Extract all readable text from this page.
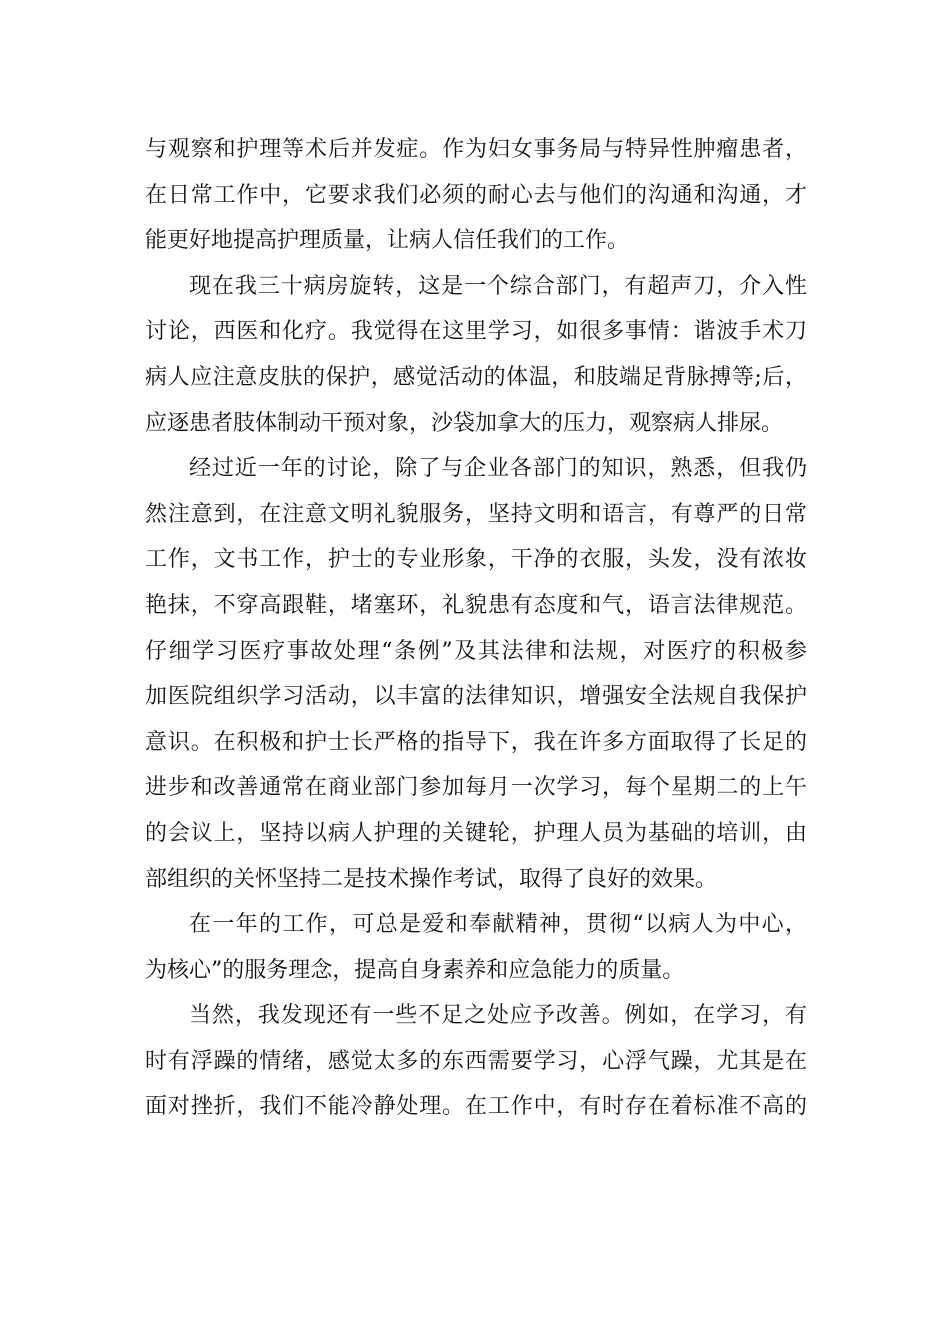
与观察和护理等术后并发症。作为妇女事务局与特异性肿瘤患者，
在日常工作中，它要求我们必须的耐心去与他们的沟通和沟通，才
能更好地提高护理质量，让病人信任我们的工作。
现在我三十病房旋转，这是一个综合部门，有超声刀，介入性
讨论，西医和化疗。我觉得在这里学习，如很多事情：谐波手术刀
病人应注意皮肤的保护，感觉活动的体温，和肢端足背脉搏等;后，
应逐患者肢体制动干预对象，沙袋加拿大的压力，观察病人排尿。
经过近一年的讨论，除了与企业各部门的知识，熟悉，但我仍
然注意到，在注意文明礼貌服务，坚持文明和语言，有尊严的日常
工作，文书工作，护士的专业形象，干净的衣服，头发，没有浓妆
艳抹，不穿高跟鞋，堵塞环，礼貌患有态度和气，语言法律规范。
仔细学习医疗事故处理“条例”及其法律和法规，对医疗的积极参
加医院组织学习活动，以丰富的法律知识，增强安全法规自我保护
意识。在积极和护士长严格的指导下，我在许多方面取得了长足的
进步和改善通常在商业部门参加每月一次学习，每个星期二的上午
的会议上，坚持以病人护理的关键轮，护理人员为基础的培训，由
部组织的关怀坚持二是技术操作考试，取得了良好的效果。
在一年的工作，可总是爱和奉献精神，贯彻“以病人为中心，
为核心”的服务理念，提高自身素养和应急能力的质量。
当然，我发现还有一些不足之处应予改善。例如，在学习，有
时有浮躁的情绪，感觉太多的东西需要学习，心浮气躁，尤其是在
面对挫折，我们不能冷静处理。在工作中，有时存在着标准不高的
